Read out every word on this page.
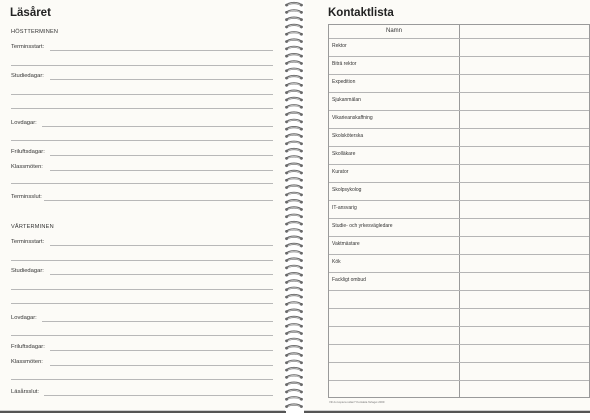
Läsåret
HÖSTTERMINEN
Terminsstart:
Studiedagar:
Lovdagar:
Friluftsdagar:
Klassmöten:
Terminsslut:
VÅRTERMINEN
Terminsstart:
Studiedagar:
Lovdagar:
Friluftsdagar:
Klassmöten:
Läsårsslut:
Kontaktlista
Namn
Rektor
Biträ rektor
Expedition
Sjukanmälan
Vikarieanskaffning
Skolsköterska
Skolläkare
Kurator
Skolpsykolog
IT-ansvarig
Studie- och yrkesvägledare
Vaktmästare
Kök
Fackligt ombud
Vill du kopiera sidan? Kontakta förlaget 2009
